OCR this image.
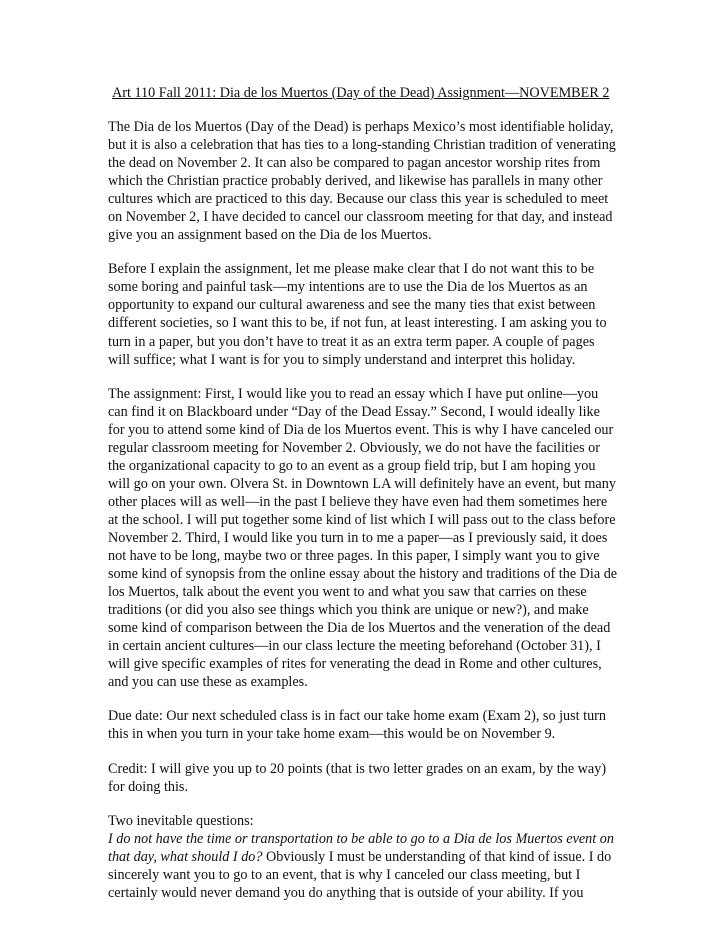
Art 110 Fall 2011: Dia de los Muertos (Day of the Dead) Assignment—NOVEMBER 2
The Dia de los Muertos (Day of the Dead) is perhaps Mexico’s most identifiable holiday,
but it is also a celebration that has ties to a long-standing Christian tradition of venerating
the dead on November 2. It can also be compared to pagan ancestor worship rites from
which the Christian practice probably derived, and likewise has parallels in many other
cultures which are practiced to this day. Because our class this year is scheduled to meet
on November 2, I have decided to cancel our classroom meeting for that day, and instead
give you an assignment based on the Dia de los Muertos.
Before I explain the assignment, let me please make clear that I do not want this to be
some boring and painful task—my intentions are to use the Dia de los Muertos as an
opportunity to expand our cultural awareness and see the many ties that exist between
different societies, so I want this to be, if not fun, at least interesting. I am asking you to
turn in a paper, but you don’t have to treat it as an extra term paper. A couple of pages
will suffice; what I want is for you to simply understand and interpret this holiday.
The assignment: First, I would like you to read an essay which I have put online—you
can find it on Blackboard under “Day of the Dead Essay.” Second, I would ideally like
for you to attend some kind of Dia de los Muertos event. This is why I have canceled our
regular classroom meeting for November 2. Obviously, we do not have the facilities or
the organizational capacity to go to an event as a group field trip, but I am hoping you
will go on your own. Olvera St. in Downtown LA will definitely have an event, but many
other places will as well—in the past I believe they have even had them sometimes here
at the school. I will put together some kind of list which I will pass out to the class before
November 2. Third, I would like you turn in to me a paper—as I previously said, it does
not have to be long, maybe two or three pages. In this paper, I simply want you to give
some kind of synopsis from the online essay about the history and traditions of the Dia de
los Muertos, talk about the event you went to and what you saw that carries on these
traditions (or did you also see things which you think are unique or new?), and make
some kind of comparison between the Dia de los Muertos and the veneration of the dead
in certain ancient cultures—in our class lecture the meeting beforehand (October 31), I
will give specific examples of rites for venerating the dead in Rome and other cultures,
and you can use these as examples.
Due date: Our next scheduled class is in fact our take home exam (Exam 2), so just turn
this in when you turn in your take home exam—this would be on November 9.
Credit: I will give you up to 20 points (that is two letter grades on an exam, by the way)
for doing this.
Two inevitable questions:
I do not have the time or transportation to be able to go to a Dia de los Muertos event on
that day, what should I do? Obviously I must be understanding of that kind of issue. I do
sincerely want you to go to an event, that is why I canceled our class meeting, but I
certainly would never demand you do anything that is outside of your ability. If you
